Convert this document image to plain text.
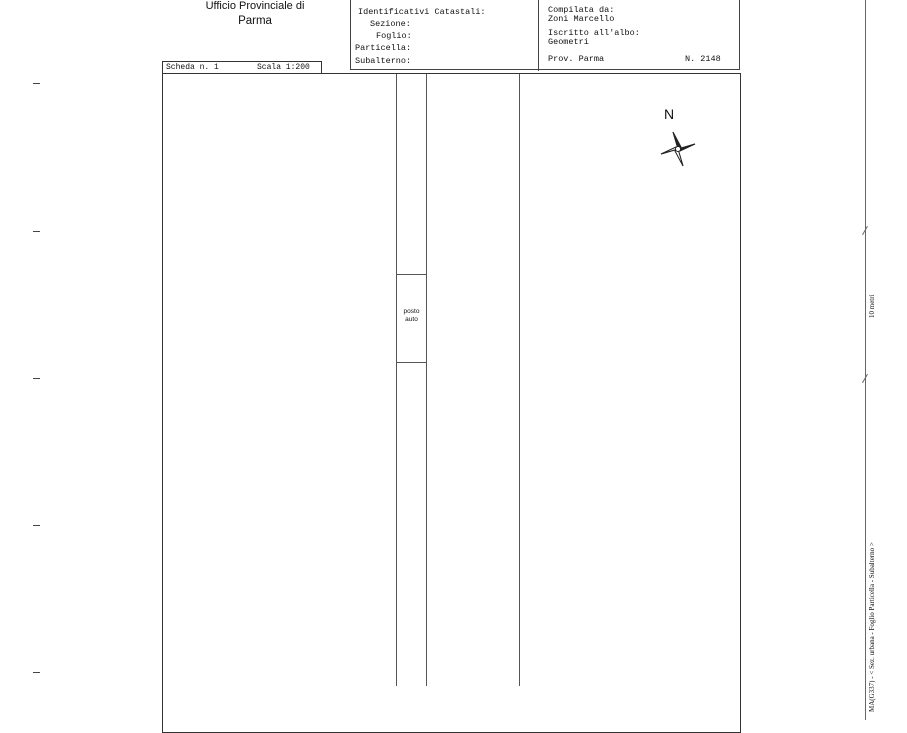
Ufficio Provinciale di
Parma
Identificativi Catastali:
Sezione:
Foglio:
Particella:
Subalterno:
Compilata da:
Zoni Marcello
Iscritto all'albo:
Geometri
Prov. Parma	N. 2148
Scheda n. 1	Scala 1:200
posto
auto
N
10 metri
MA(G337) - < Sez. urbana - Foglio Particella - Subalterno >
